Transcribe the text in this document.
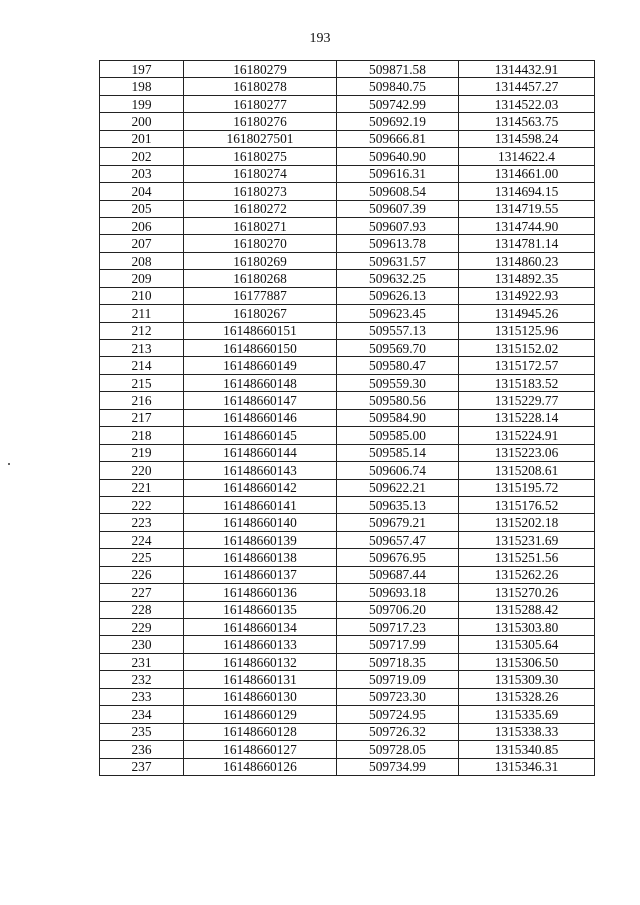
193
197	16180279	509871.58	1314432.91
198	16180278	509840.75	1314457.27
199	16180277	509742.99	1314522.03
200	16180276	509692.19	1314563.75
201	1618027501	509666.81	1314598.24
202	16180275	509640.90	1314622.4
203	16180274	509616.31	1314661.00
204	16180273	509608.54	1314694.15
205	16180272	509607.39	1314719.55
206	16180271	509607.93	1314744.90
207	16180270	509613.78	1314781.14
208	16180269	509631.57	1314860.23
209	16180268	509632.25	1314892.35
210	16177887	509626.13	1314922.93
211	16180267	509623.45	1314945.26
212	16148660151	509557.13	1315125.96
213	16148660150	509569.70	1315152.02
214	16148660149	509580.47	1315172.57
215	16148660148	509559.30	1315183.52
216	16148660147	509580.56	1315229.77
217	16148660146	509584.90	1315228.14
218	16148660145	509585.00	1315224.91
219	16148660144	509585.14	1315223.06
220	16148660143	509606.74	1315208.61
221	16148660142	509622.21	1315195.72
222	16148660141	509635.13	1315176.52
223	16148660140	509679.21	1315202.18
224	16148660139	509657.47	1315231.69
225	16148660138	509676.95	1315251.56
226	16148660137	509687.44	1315262.26
227	16148660136	509693.18	1315270.26
228	16148660135	509706.20	1315288.42
229	16148660134	509717.23	1315303.80
230	16148660133	509717.99	1315305.64
231	16148660132	509718.35	1315306.50
232	16148660131	509719.09	1315309.30
233	16148660130	509723.30	1315328.26
234	16148660129	509724.95	1315335.69
235	16148660128	509726.32	1315338.33
236	16148660127	509728.05	1315340.85
237	16148660126	509734.99	1315346.31
